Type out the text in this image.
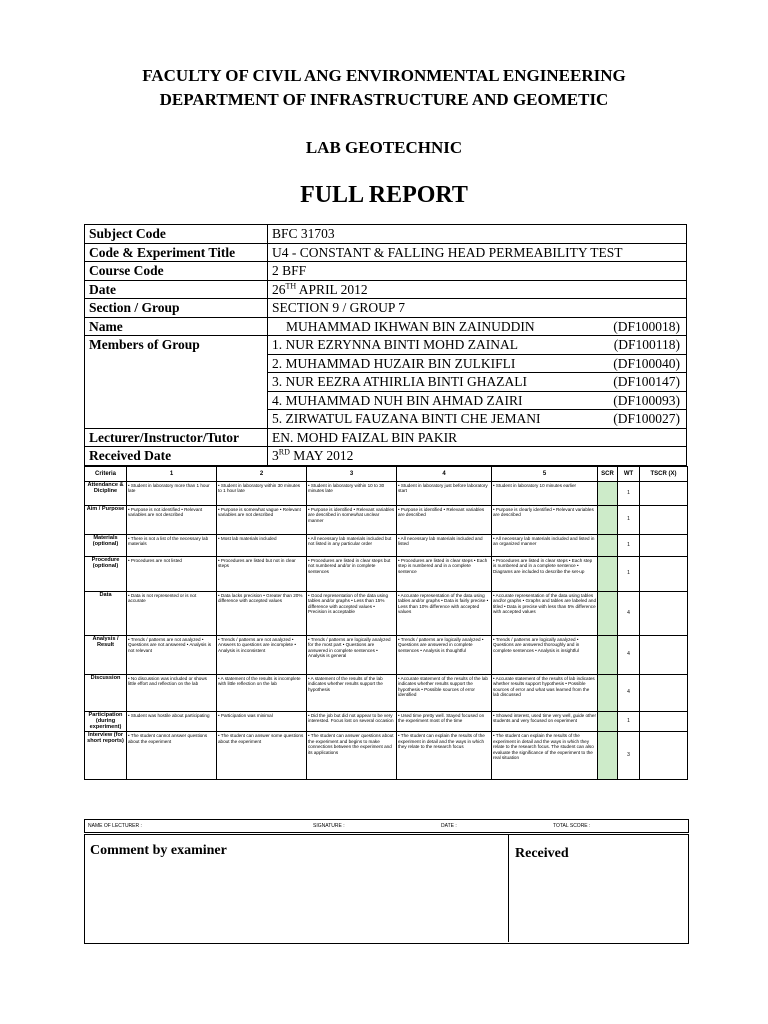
FACULTY OF CIVIL ANG ENVIRONMENTAL ENGINEERING
DEPARTMENT OF INFRASTRUCTURE AND GEOMETIC
LAB GEOTECHNIC
FULL REPORT
Subject Code	BFC 31703
Code & Experiment Title	U4 - CONSTANT & FALLING HEAD PERMEABILITY TEST
Course Code	2 BFF
Date	26TH APRIL 2012
Section / Group	SECTION 9 / GROUP 7
Name	MUHAMMAD IKHWAN BIN ZAINUDDIN (DF100018)

Members of Group	1. NUR EZRYNNA BINTI MOHD ZAINAL (DF100118)

	2. MUHAMMAD HUZAIR BIN ZULKIFLI (DF100040)

	3. NUR EEZRA ATHIRLIA BINTI GHAZALI (DF100147)

	4. MUHAMMAD NUH BIN AHMAD ZAIRI (DF100093)

	5. ZIRWATUL FAUZANA BINTI CHE JEMANI (DF100027)

Lecturer/Instructor/Tutor	EN. MOHD FAIZAL BIN PAKIR
Received Date	3RD MAY 2012
Criteria	1	2	3	4	5	SCR	WT	TSCR (X)
Attendance & Dicipline	• Student in laboratory more than 1 hour late	• Student in laboratory within 30 minutes to 1 hour late	• Student in laboratory within 10 to 30 minutes late	• Student in laboratory just before laboratory start	• Student in laboratory 10 minutes earlier		1	
Aim / Purpose	• Purpose is not identified • Relevant variables are not described	• Purpose is somewhat vague • Relevant variables are not described	• Purpose is identified • Relevant variables are described in somewhat unclear manner	• Purpose is identified • Relevant variables are described	• Purpose is clearly identified • Relevant variables are described		1	
Materials (optional)	• There is not a list of the necessary lab materials	• Most lab materials included	• All necessary lab materials included but not listed in any particular order	• All necessary lab materials included and listed	• All necessary lab materials included and listed in an organized manner		1	
Procedure (optional)	• Procedures are not listed	• Procedures are listed but not in clear steps	• Procedures are listed in clear steps but not numbered and/or in complete sentences	• Procedures are listed in clear steps • Each step is numbered and in a complete sentence	• Procedures are listed in clear steps • Each step is numbered and in a complete sentence • Diagrams are included to describe the set-up		1	
Data	• Data is not represented or is not accurate	• Data lacks precision • Greater than 20% difference with accepted values	• Good representation of the data using tables and/or graphs • Less than 15% difference with accepted values • Precision is acceptable	• Accurate representation of the data using tables and/or graphs • Data is fairly precise • Less than 10% difference with accepted values	• Accurate representation of the data using tables and/or graphs • Graphs and tables are labeled and titled • Data is precise with less than 5% difference with accepted values		4	
Analysis / Result	• Trends / patterns are not analyzed • Questions are not answered • Analysis is not relevant	• Trends / patterns are not analyzed • Answers to questions are incomplete • Analysis is inconsistent	• Trends / patterns are logically analyzed for the most part • Questions are answered in complete sentences • Analysis is general	• Trends / patterns are logically analyzed • Questions are answered in complete sentences • Analysis is thoughtful	• Trends / patterns are logically analyzed • Questions are answered thoroughly and in complete sentences • Analysis is insightful		4	
Discussion	• No discussion was included or shows little effort and reflection on the lab	• A statement of the results is incomplete with little reflection on the lab	• A statement of the results of the lab indicates whether results support the hypothesis	• Accurate statement of the results of the lab indicates whether results support the hypothesis • Possible sources of error identified	• Accurate statement of the results of lab indicates whether results support hypothesis • Possible sources of error and what was learned from the lab discussed		4	
Participation (during experiment)	• Student was hostile about participating	• Participation was minimal	• Did the job but did not appear to be very interested. Focus lost on several occasion	• Used time pretty well. Stayed focused on the experiment most of the time	• Showed interest, used time very well, guide other students and very focused on experiment		1	
Interview (for short reports)	• The student cannot answer questions about the experiment	• The student can answer some questions about the experiment	• The student can answer questions about the experiment and begins to make connections between the experiment and its applications	• The student can explain the results of the experiment in detail and the ways in which they relate to the research focus	• The student can explain the results of the experiment in detail and the ways in which they relate to the research focus. The student can also evaluate the significance of the experiment to the real situation		3	
NAME OF LECTURER :	SIGNATURE :	DATE :	TOTAL SCORE :
Comment by examiner	Received
